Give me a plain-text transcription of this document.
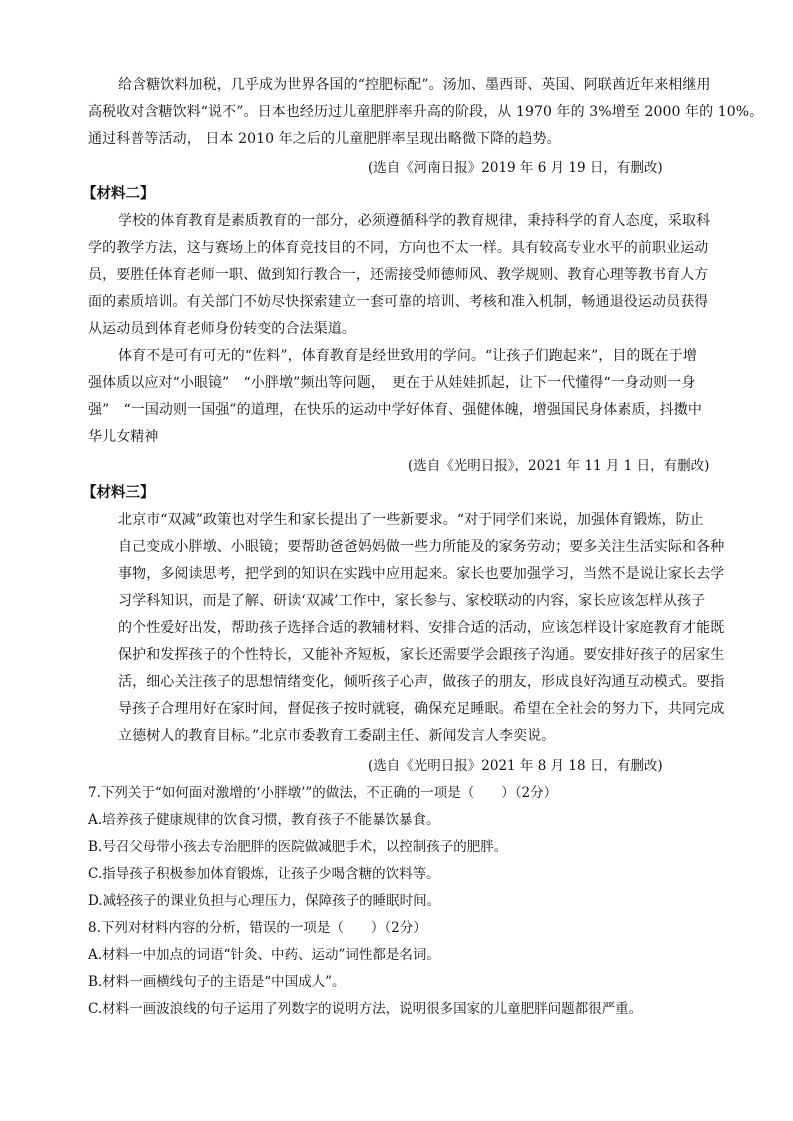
给含糖饮料加税，几乎成为世界各国的“控肥标配”。汤加、墨西哥、英国、阿联酋近年来相继用
高税收对含糖饮料“说不”。日本也经历过儿童肥胖率升高的阶段，从 1970 年的 3%增至 2000 年的 10%。
通过科普等活动， 日本 2010 年之后的儿童肥胖率呈现出略微下降的趋势。
(选自《河南日报》2019 年 6 月 19 日，有删改)
【材料二】
学校的体育教育是素质教育的一部分，必须遵循科学的教育规律，秉持科学的育人态度，采取科
学的教学方法，这与赛场上的体育竞技目的不同，方向也不太一样。具有较高专业水平的前职业运动
员，要胜任体育老师一职、做到知行教合一，还需接受师德师风、教学规则、教育心理等教书育人方
面的素质培训。有关部门不妨尽快探索建立一套可靠的培训、考核和准入机制，畅通退役运动员获得
从运动员到体育老师身份转变的合法渠道。
体育不是可有可无的“佐料”，体育教育是经世致用的学问。“让孩子们跑起来”，目的既在于增
强体质以应对“小眼镜”　“小胖墩”频出等问题，　更在于从娃娃抓起，让下一代懂得“一身动则一身
强”　“一国动则一国强”的道理，在快乐的运动中学好体育、强健体魄，增强国民身体素质，抖擞中
华儿女精神
(选自《光明日报》，2021 年 11 月 1 日，有删改)
【材料三】
北京市“双减”政策也对学生和家长提出了一些新要求。“对于同学们来说，加强体育锻炼，防止
自己变成小胖墩、小眼镜；要帮助爸爸妈妈做一些力所能及的家务劳动；要多关注生活实际和各种
事物，多阅读思考，把学到的知识在实践中应用起来。家长也要加强学习，当然不是说让家长去学
习学科知识，而是了解、研读‘双减’工作中，家长参与、家校联动的内容，家长应该怎样从孩子
的个性爱好出发，帮助孩子选择合适的教辅材料、安排合适的活动，应该怎样设计家庭教育才能既
保护和发挥孩子的个性特长，又能补齐短板，家长还需要学会跟孩子沟通。要安排好孩子的居家生
活，细心关注孩子的思想情绪变化，倾听孩子心声，做孩子的朋友，形成良好沟通互动模式。要指
导孩子合理用好在家时间，督促孩子按时就寝，确保充足睡眠。希望在全社会的努力下，共同完成
立德树人的教育目标。”北京市委教育工委副主任、新闻发言人李奕说。
(选自《光明日报》2021 年 8 月 18 日，有删改)
7.下列关于“如何面对激增的‘小胖墩’”的做法，不正确的一项是（　　）（2分）
A.培养孩子健康规律的饮食习惯，教育孩子不能暴饮暴食。
B.号召父母带小孩去专治肥胖的医院做减肥手术，以控制孩子的肥胖。
C.指导孩子积极参加体育锻炼，让孩子少喝含糖的饮料等。
D.减轻孩子的课业负担与心理压力，保障孩子的睡眠时间。
8.下列对材料内容的分析，错误的一项是（　　）（2分）
A.材料一中加点的词语“针灸、中药、运动”词性都是名词。
B.材料一画横线句子的主语是“中国成人”。
C.材料一画波浪线的句子运用了列数字的说明方法，说明很多国家的儿童肥胖问题都很严重。
